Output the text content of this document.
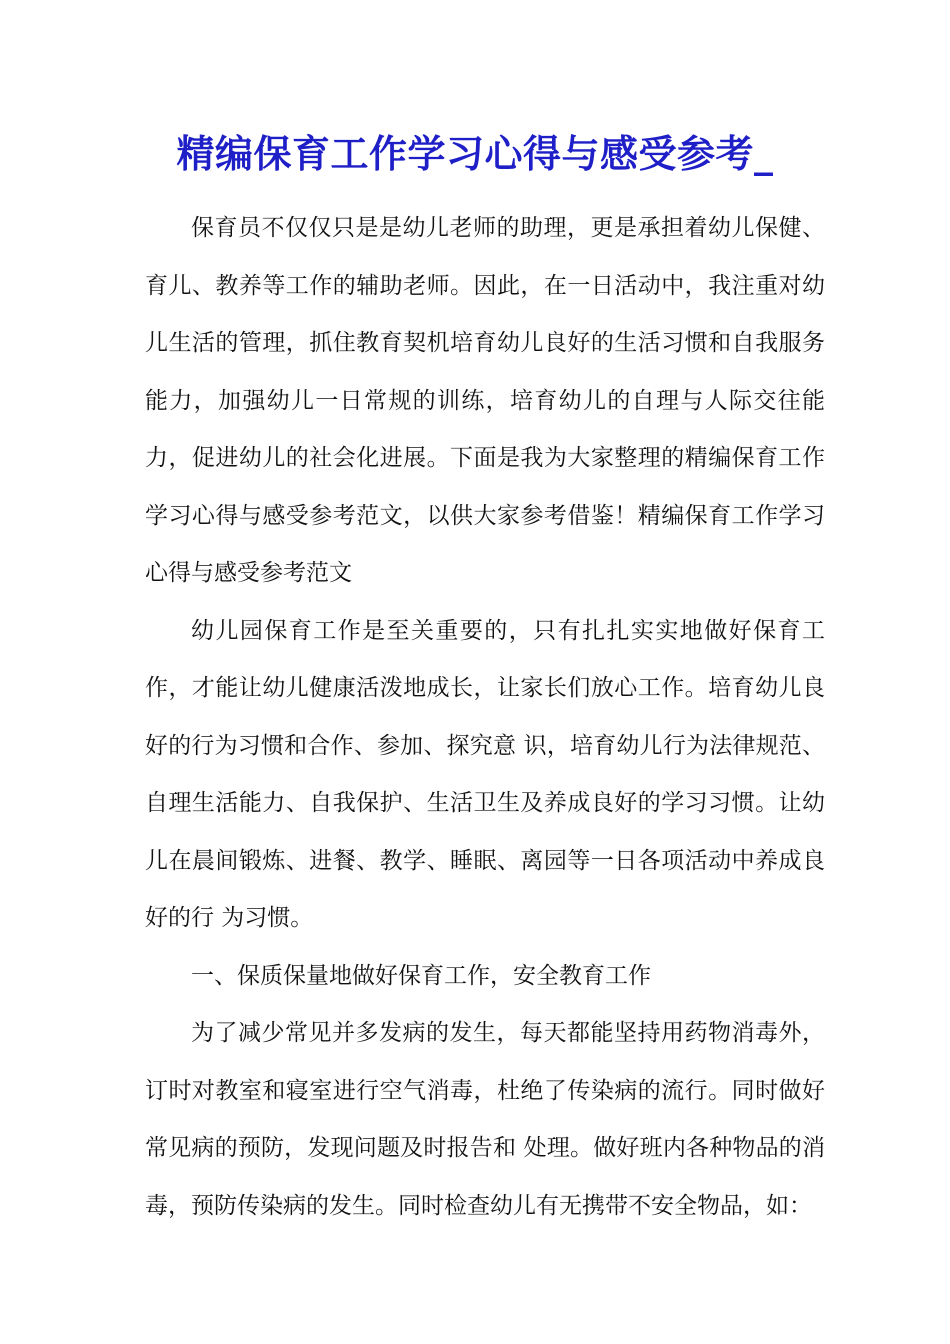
精编保育工作学习心得与感受参考_

保育员不仅仅只是是幼儿老师的助理，更是承担着幼儿保健、育儿、教养等工作的辅助老师。因此，在一日活动中，我注重对幼儿生活的管理，抓住教育契机培育幼儿良好的生活习惯和自我服务能力，加强幼儿一日常规的训练，培育幼儿的自理与人际交往能力，促进幼儿的社会化进展。下面是我为大家整理的精编保育工作学习心得与感受参考范文，以供大家参考借鉴！精编保育工作学习心得与感受参考范文

幼儿园保育工作是至关重要的，只有扎扎实实地做好保育工作，才能让幼儿健康活泼地成长，让家长们放心工作。培育幼儿良好的行为习惯和合作、参加、探究意 识，培育幼儿行为法律规范、自理生活能力、自我保护、生活卫生及养成良好的学习习惯。让幼儿在晨间锻炼、进餐、教学、睡眠、离园等一日各项活动中养成良好的行 为习惯。

一、保质保量地做好保育工作，安全教育工作

为了减少常见并多发病的发生，每天都能坚持用药物消毒外，订时对教室和寝室进行空气消毒，杜绝了传染病的流行。同时做好常见病的预防，发现问题及时报告和 处理。做好班内各种物品的消毒，预防传染病的发生。同时检查幼儿有无携带不安全物品，如：
